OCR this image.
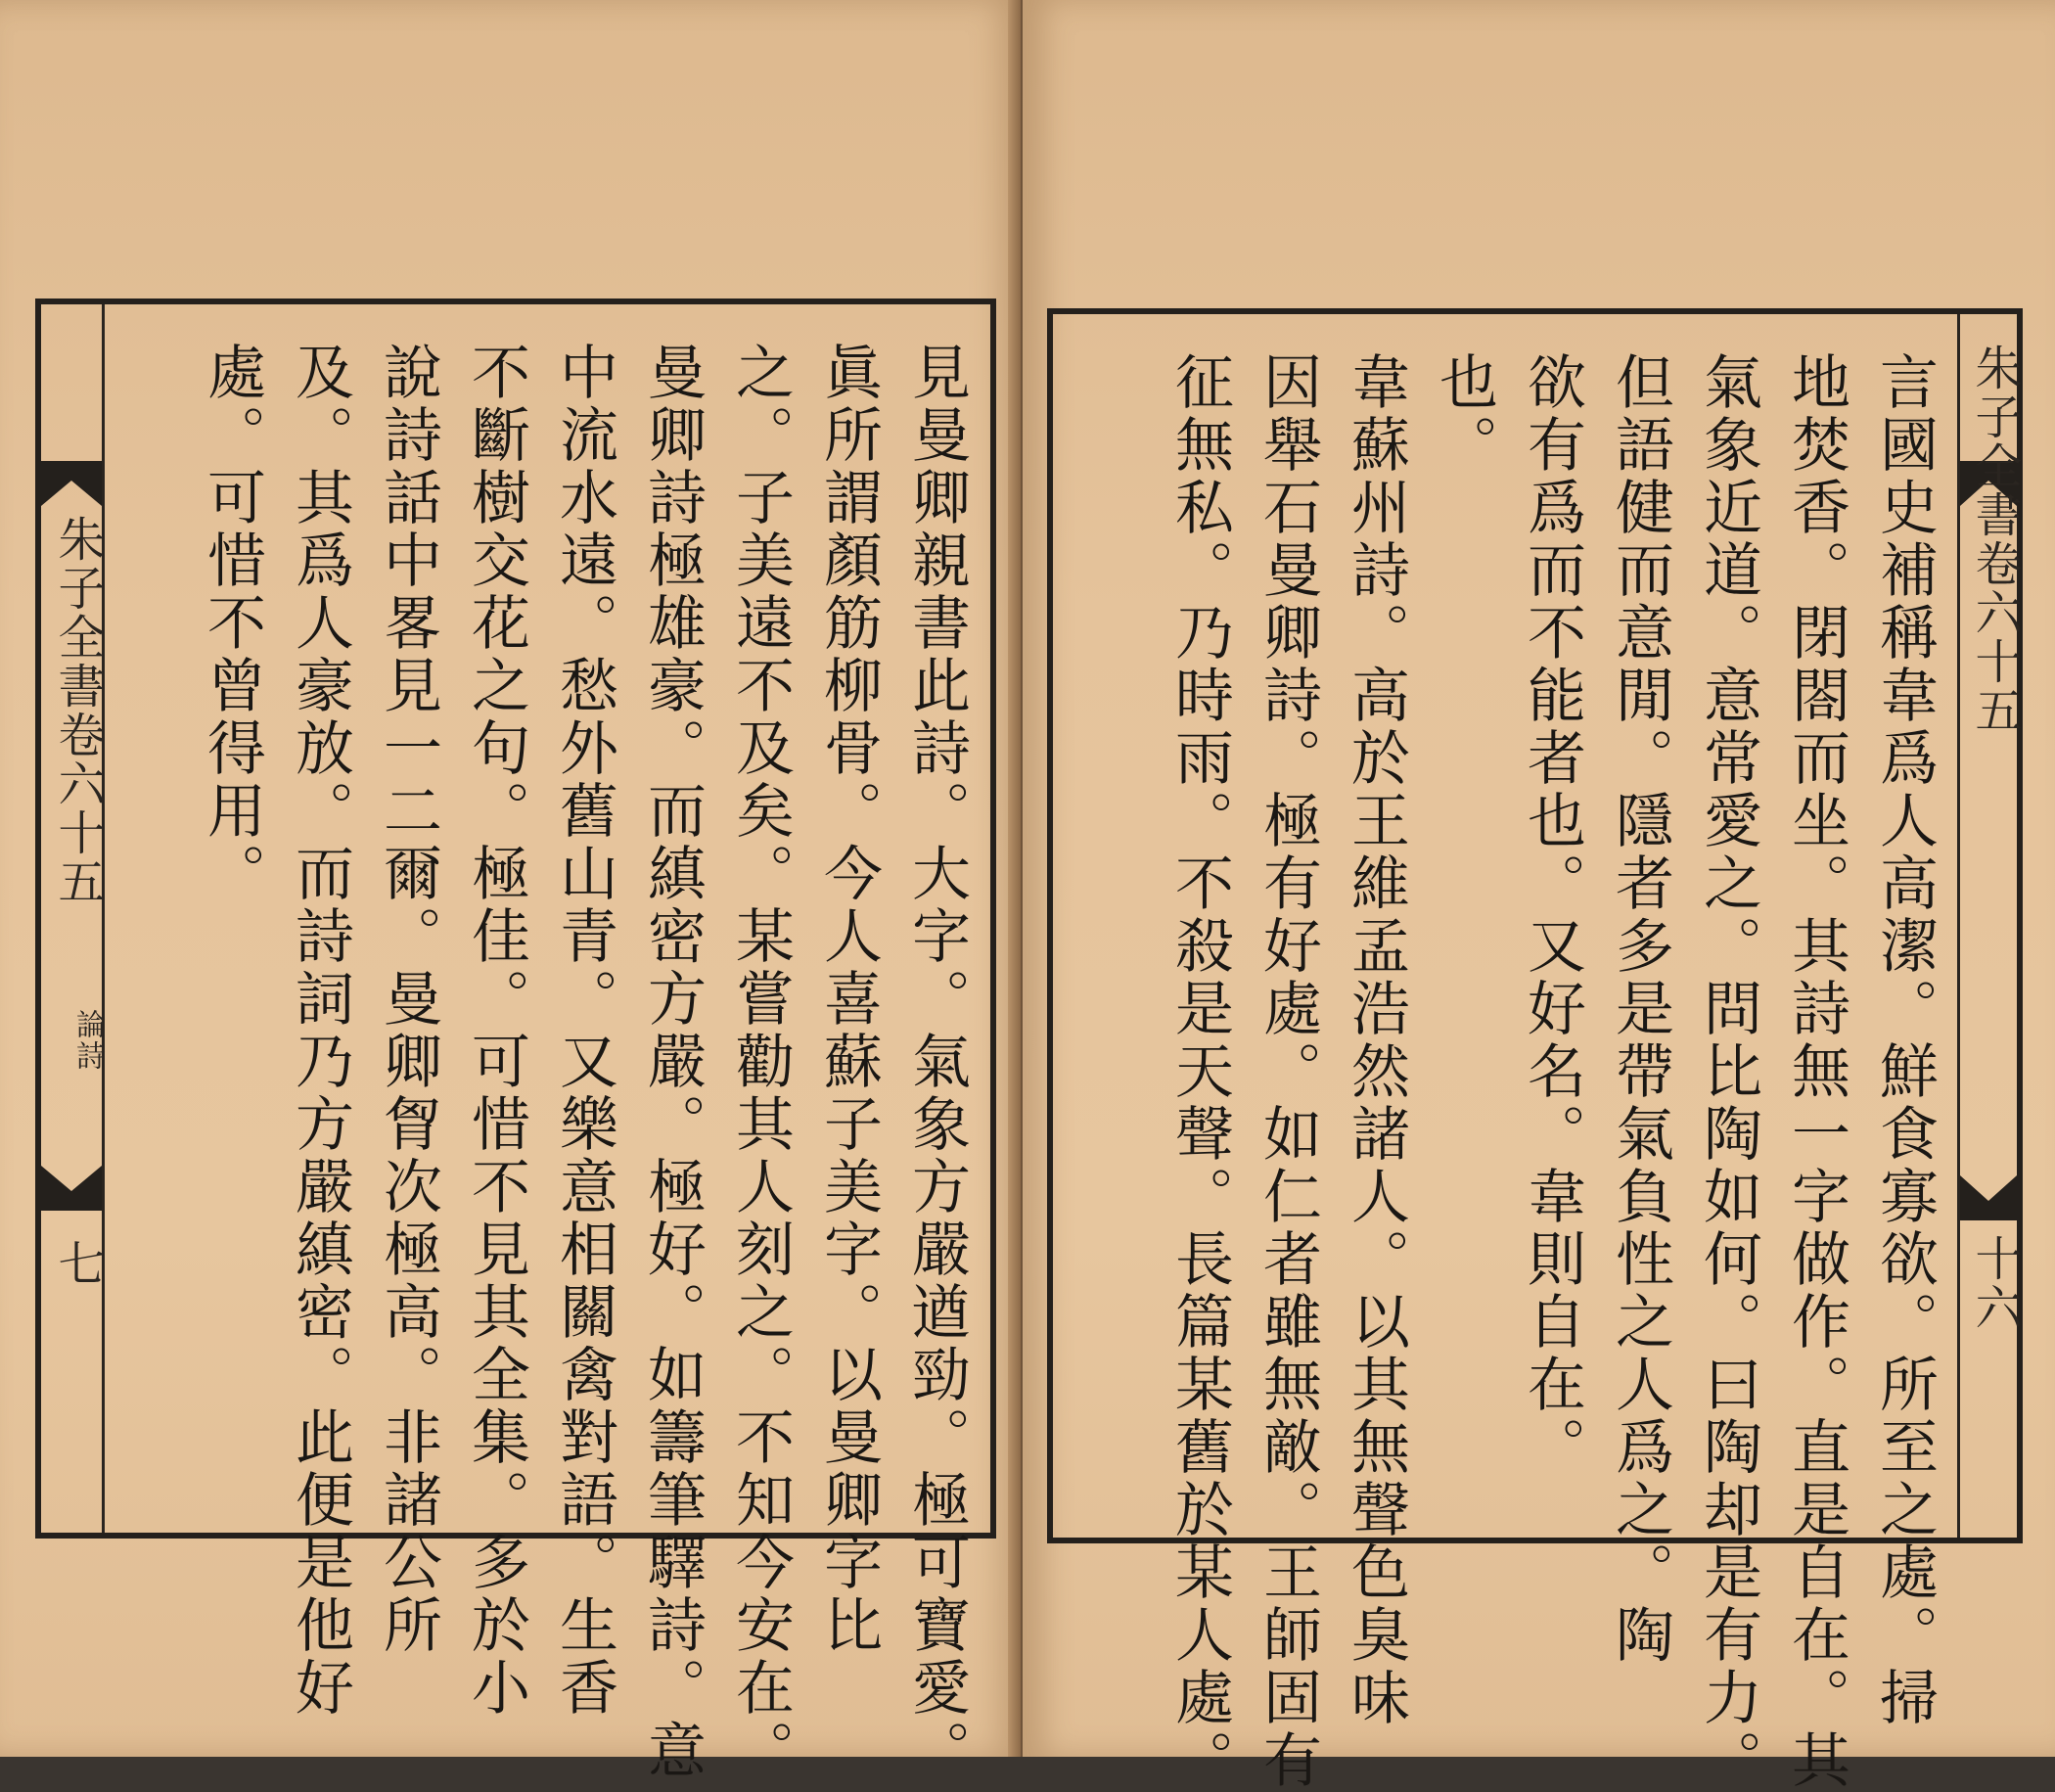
朱子全書卷六十五
論詩
七	見曼卿親書此詩。大字。氣象方嚴遒勁。極可寶愛。
眞所謂顏筋柳骨。今人喜蘇子美字。以曼卿字比
之。子美遠不及矣。某嘗勸其人刻之。不知今安在。
曼卿詩極雄豪。而縝密方嚴。極好。如籌筆驛詩。意
中流水遠。愁外舊山青。又樂意相關禽對語。生香
不斷樹交花之句。極佳。可惜不見其全集。多於小
說詩話中畧見一二爾。曼卿胷次極高。非諸公所
及。其爲人豪放。而詩詞乃方嚴縝密。此便是他好
處。可惜不曾得用。	言國史補稱韋爲人高潔。鮮食寡欲。所至之處。掃
地焚香。閉閤而坐。其詩無一字做作。直是自在。其
氣象近道。意常愛之。問比陶如何。曰陶却是有力。
但語健而意閒。隱者多是帶氣負性之人爲之。陶
欲有爲而不能者也。又好名。韋則自在。
也。
韋蘇州詩。高於王維孟浩然諸人。以其無聲色臭味
因舉石曼卿詩。極有好處。如仁者雖無敵。王師固有
征無私。乃時雨。不殺是天聲。長篇某舊於某人處。	朱子全書卷六十五
十六
